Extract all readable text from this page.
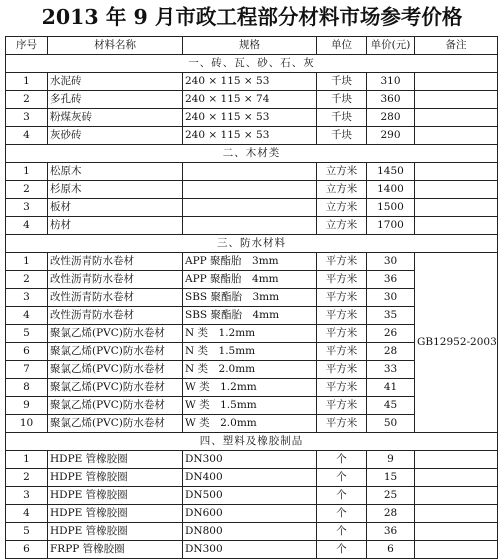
2013 年 9 月市政工程部分材料市场参考价格
序号	材料名称	规格	单位	单价(元)	备注
一、砖、瓦、砂、石、灰					
1	水泥砖	240 × 115 × 53	千块	310	
2	多孔砖	240 × 115 × 74	千块	360	
3	粉煤灰砖	240 × 115 × 53	千块	280	
4	灰砂砖	240 × 115 × 53	千块	290	
二、木材类					
1	松原木		立方米	1450	
2	杉原木		立方米	1400	
3	板材		立方米	1500	
4	枋材		立方米	1700	
三、防水材料					
1	改性沥青防水卷材	APP 聚酯胎　3mm	平方米	30	GB12952-2003
2	改性沥青防水卷材	APP 聚酯胎　4mm	平方米	36	
3	改性沥青防水卷材	SBS 聚酯胎　3mm	平方米	30	
4	改性沥青防水卷材	SBS 聚酯胎　4mm	平方米	35	
5	聚氯乙烯(PVC)防水卷材	N 类　1.2mm	平方米	26	
6	聚氯乙烯(PVC)防水卷材	N 类　1.5mm	平方米	28	
7	聚氯乙烯(PVC)防水卷材	N 类　2.0mm	平方米	33	
8	聚氯乙烯(PVC)防水卷材	W 类　1.2mm	平方米	41	
9	聚氯乙烯(PVC)防水卷材	W 类　1.5mm	平方米	45	
10	聚氯乙烯(PVC)防水卷材	W 类　2.0mm	平方米	50	
四、塑料及橡胶制品					
1	HDPE 管橡胶圈	DN300	个	9	
2	HDPE 管橡胶圈	DN400	个	15	
3	HDPE 管橡胶圈	DN500	个	25	
4	HDPE 管橡胶圈	DN600	个	28	
5	HDPE 管橡胶圈	DN800	个	36	
6	FRPP 管橡胶圈	DN300	个	6	
